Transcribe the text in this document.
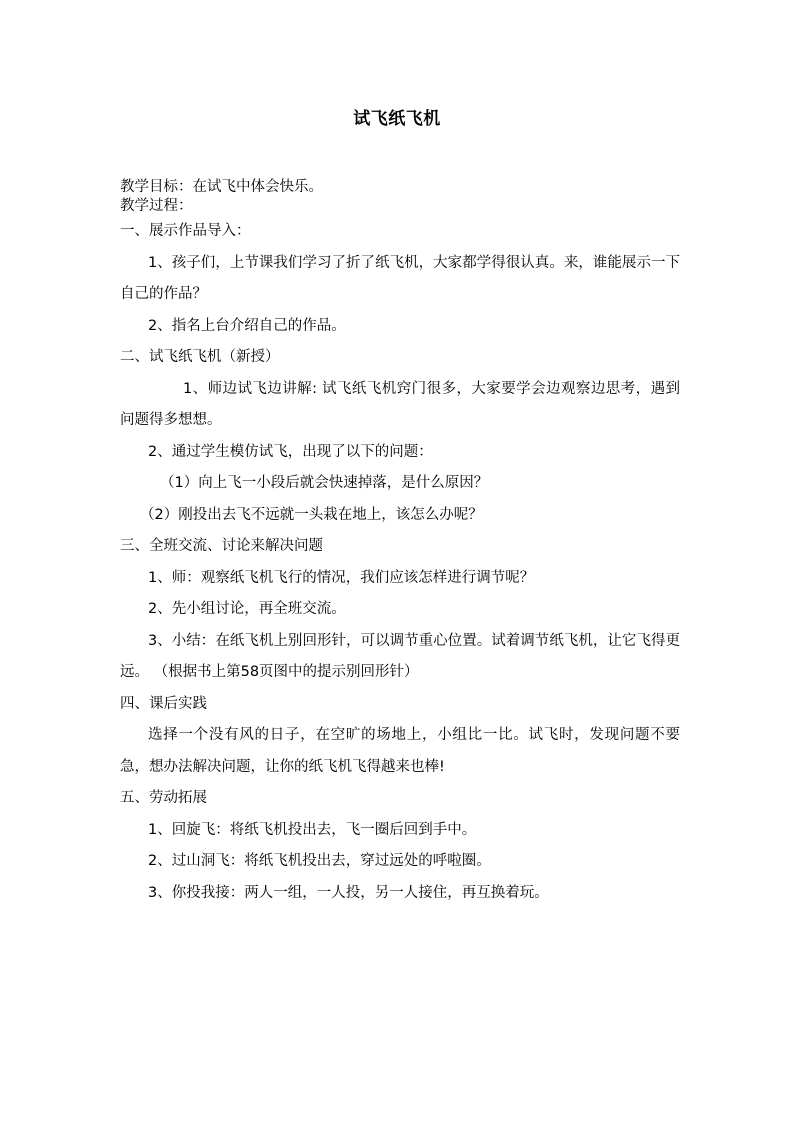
试飞纸飞机

教学目标：在试飞中体会快乐。

教学过程：

一、展示作品导入：

1、孩子们，上节课我们学习了折了纸飞机，大家都学得很认真。来，谁能展示一下自己的作品？

2、指名上台介绍自己的作品。

二、试飞纸飞机（新授）

1、师边试飞边讲解: 试飞纸飞机窍门很多，大家要学会边观察边思考，遇到问题得多想想。

2、通过学生模仿试飞，出现了以下的问题：

（1）向上飞一小段后就会快速掉落，是什么原因？

（2）刚投出去飞不远就一头栽在地上，该怎么办呢？

三、全班交流、讨论来解决问题

1、师：观察纸飞机飞行的情况，我们应该怎样进行调节呢？

2、先小组讨论，再全班交流。

3、小结：在纸飞机上别回形针，可以调节重心位置。试着调节纸飞机，让它飞得更远。 （根据书上第58页图中的提示别回形针）

四、课后实践

选择一个没有风的日子，在空旷的场地上，小组比一比。试飞时，发现问题不要急，想办法解决问题，让你的纸飞机飞得越来也棒!

五、劳动拓展

1、回旋飞：将纸飞机投出去，飞一圈后回到手中。

2、过山洞飞：将纸飞机投出去，穿过远处的呼啦圈。

3、你投我接：两人一组，一人投，另一人接住，再互换着玩。
